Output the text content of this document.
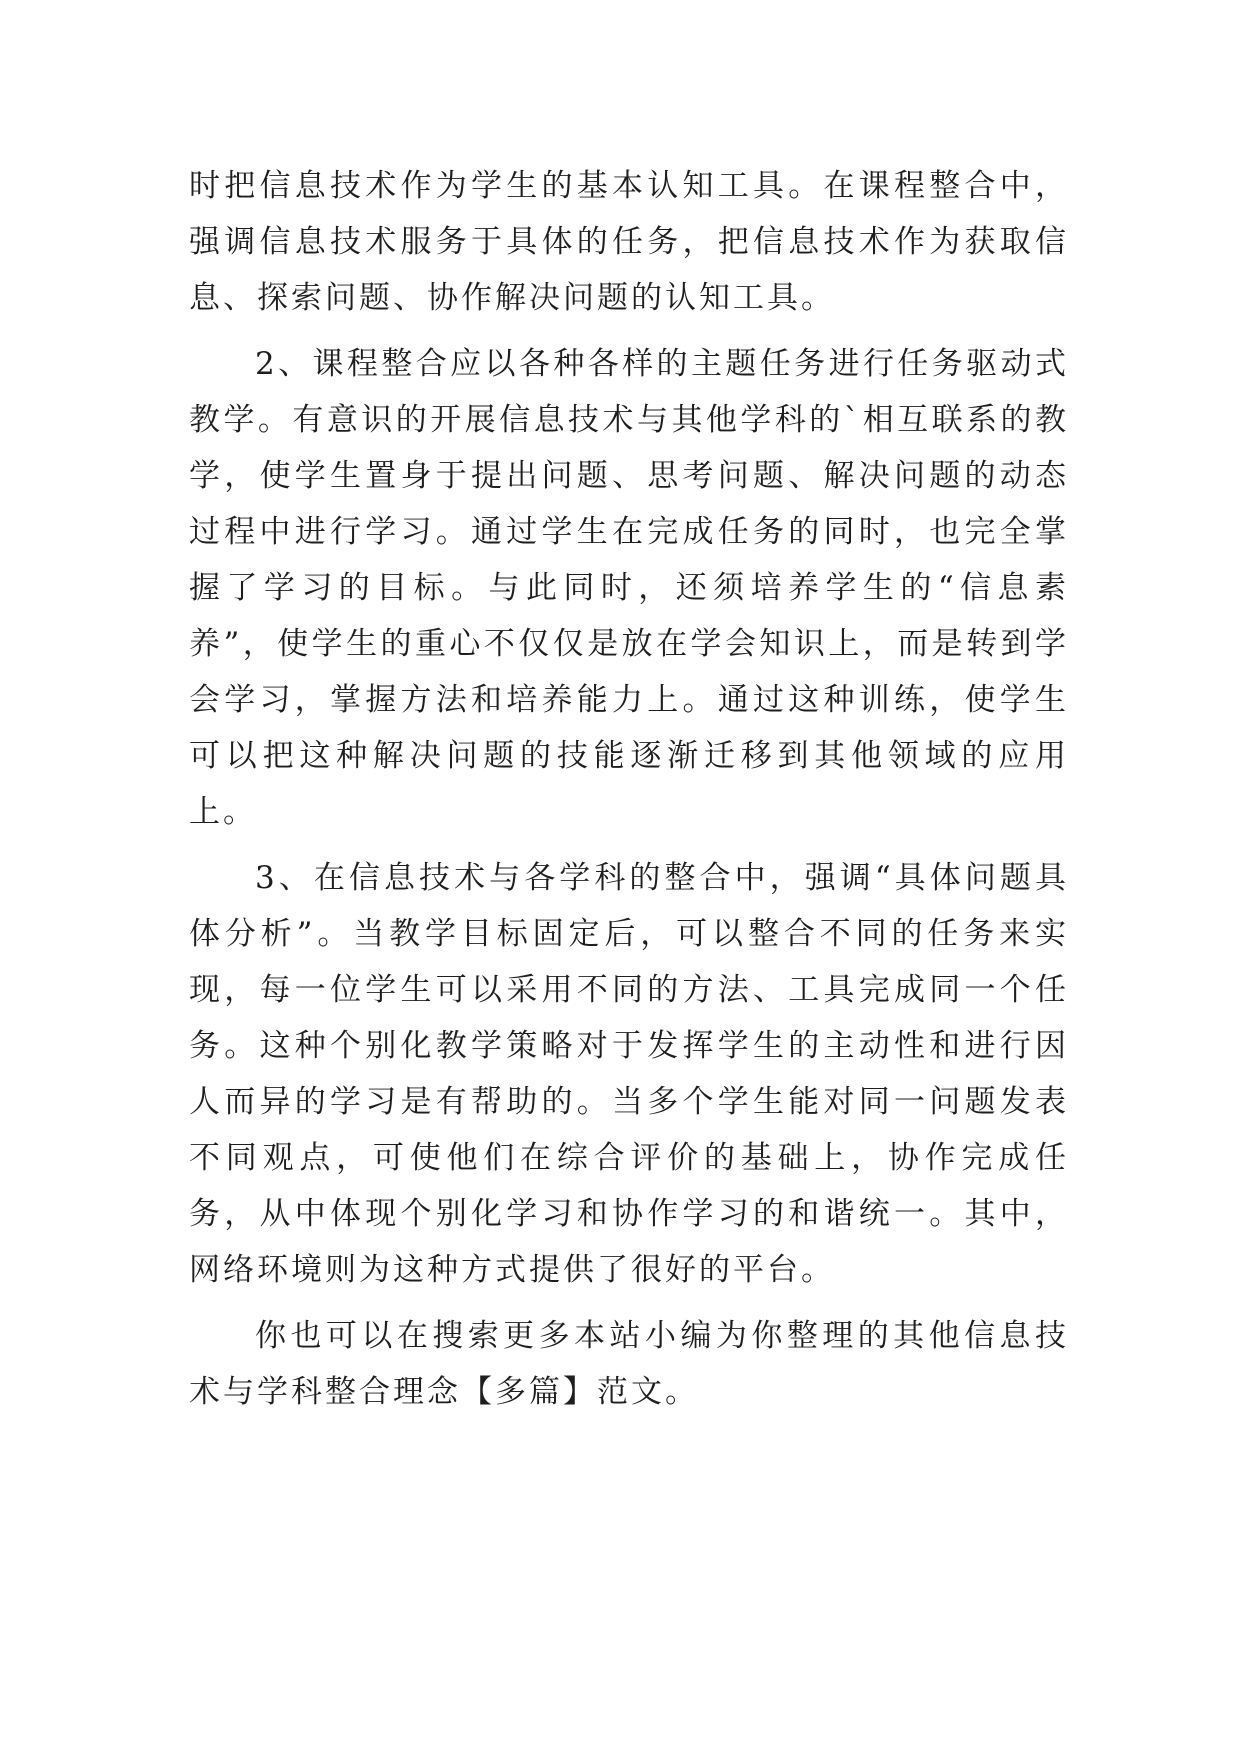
时把信息技术作为学生的基本认知工具。在课程整合中，强调信息技术服务于具体的任务，把信息技术作为获取信息、探索问题、协作解决问题的认知工具。

2、课程整合应以各种各样的主题任务进行任务驱动式教学。有意识的开展信息技术与其他学科的`相互联系的教学，使学生置身于提出问题、思考问题、解决问题的动态过程中进行学习。通过学生在完成任务的同时，也完全掌握了学习的目标。与此同时，还须培养学生的“信息素养”，使学生的重心不仅仅是放在学会知识上，而是转到学会学习，掌握方法和培养能力上。通过这种训练，使学生可以把这种解决问题的技能逐渐迁移到其他领域的应用上。

3、在信息技术与各学科的整合中，强调“具体问题具体分析”。当教学目标固定后，可以整合不同的任务来实现，每一位学生可以采用不同的方法、工具完成同一个任务。这种个别化教学策略对于发挥学生的主动性和进行因人而异的学习是有帮助的。当多个学生能对同一问题发表不同观点，可使他们在综合评价的基础上，协作完成任务，从中体现个别化学习和协作学习的和谐统一。其中，网络环境则为这种方式提供了很好的平台。

你也可以在搜索更多本站小编为你整理的其他信息技术与学科整合理念【多篇】范文。
